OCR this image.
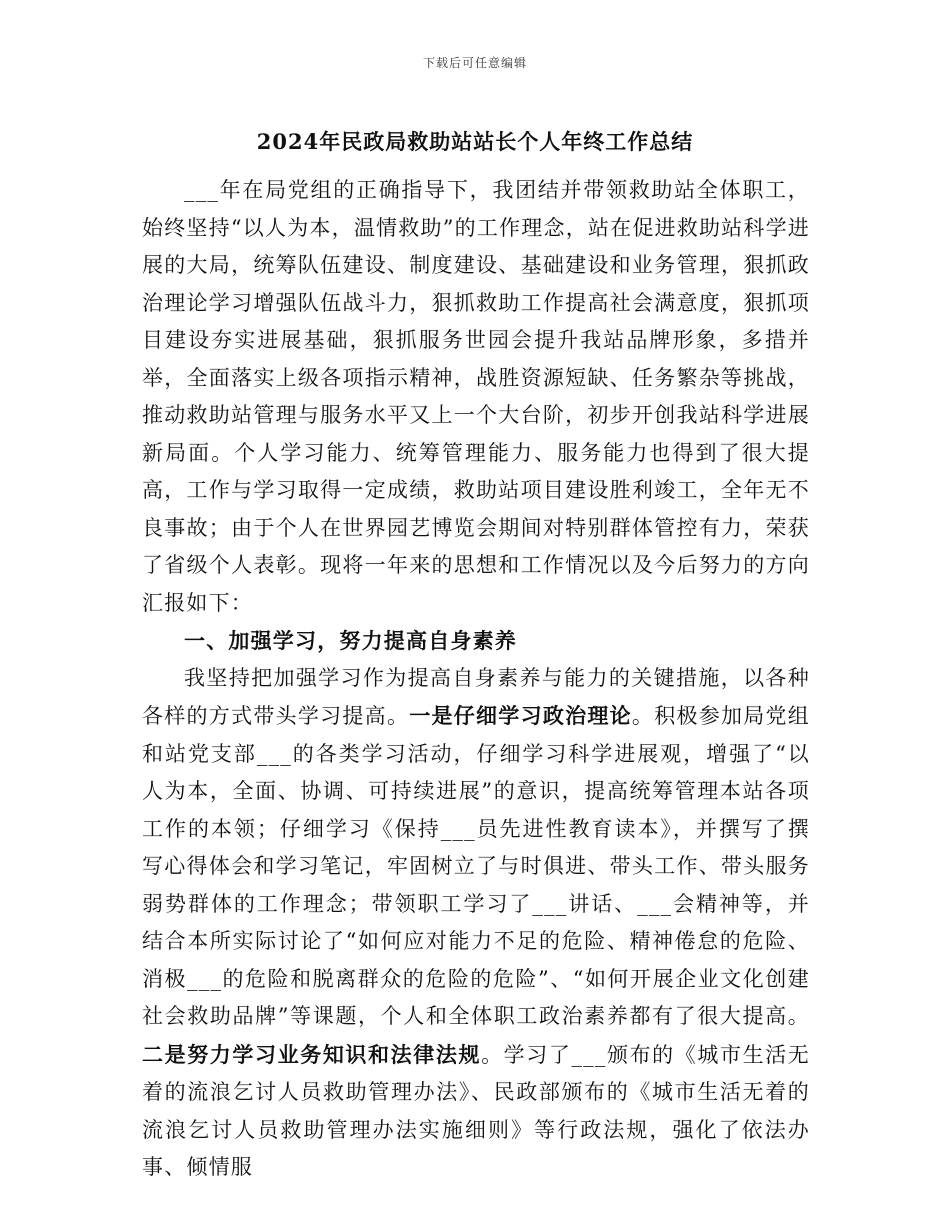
下载后可任意编辑
2024年民政局救助站站长个人年终工作总结

___年在局党组的正确指导下，我团结并带领救助站全体职工，始终坚持“以人为本，温情救助”的工作理念，站在促进救助站科学进展的大局，统筹队伍建设、制度建设、基础建设和业务管理，狠抓政治理论学习增强队伍战斗力，狠抓救助工作提高社会满意度，狠抓项目建设夯实进展基础，狠抓服务世园会提升我站品牌形象，多措并举，全面落实上级各项指示精神，战胜资源短缺、任务繁杂等挑战，推动救助站管理与服务水平又上一个大台阶，初步开创我站科学进展新局面。个人学习能力、统筹管理能力、服务能力也得到了很大提高，工作与学习取得一定成绩，救助站项目建设胜利竣工，全年无不良事故；由于个人在世界园艺博览会期间对特别群体管控有力，荣获了省级个人表彰。现将一年来的思想和工作情况以及今后努力的方向汇报如下：

一、加强学习，努力提高自身素养

我坚持把加强学习作为提高自身素养与能力的关键措施，以各种各样的方式带头学习提高。一是仔细学习政治理论。积极参加局党组和站党支部___的各类学习活动，仔细学习科学进展观，增强了“以人为本，全面、协调、可持续进展”的意识，提高统筹管理本站各项工作的本领；仔细学习《保持___员先进性教育读本》，并撰写了撰写心得体会和学习笔记，牢固树立了与时俱进、带头工作、带头服务弱势群体的工作理念；带领职工学习了___讲话、___会精神等，并结合本所实际讨论了“如何应对能力不足的危险、精神倦怠的危险、消极___的危险和脱离群众的危险的危险”、“如何开展企业文化创建社会救助品牌”等课题，个人和全体职工政治素养都有了很大提高。二是努力学习业务知识和法律法规。学习了___颁布的《城市生活无着的流浪乞讨人员救助管理办法》、民政部颁布的《城市生活无着的流浪乞讨人员救助管理办法实施细则》等行政法规，强化了依法办事、倾情服
